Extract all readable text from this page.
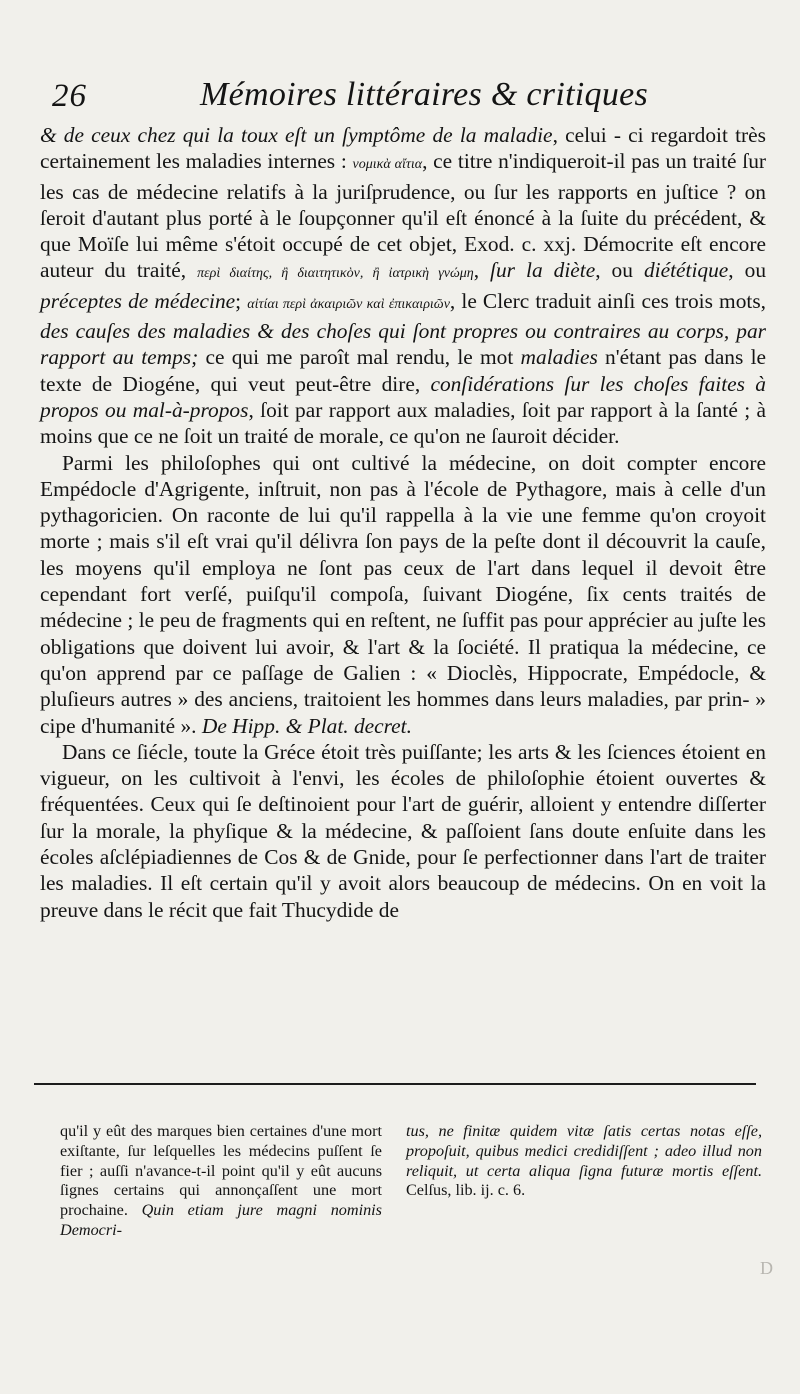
26	Mémoires littéraires & critiques

& de ceux chez qui la toux eſt un ſymptôme de la maladie, celui - ci regardoit très certainement les maladies internes : νομικὰ αἴτια, ce titre n'indiqueroit-il pas un traité ſur les cas de médecine relatifs à la juriſprudence, ou ſur les rapports en juſtice ? on ſeroit d'autant plus porté à le ſoupçonner qu'il eſt énoncé à la ſuite du précédent, & que Moïſe lui même s'étoit occupé de cet objet, Exod. c. xxj. Démocrite eſt encore auteur du traité, περὶ διαίτης, ἢ διαιτητικὸν, ἢ ἰατρικὴ γνώμη, ſur la diète, ou diététique, ou préceptes de médecine; αἰτίαι περὶ ἀκαιριῶν καὶ ἐπικαιριῶν, le Clerc traduit ainſi ces trois mots, des cauſes des maladies & des choſes qui ſont propres ou contraires au corps, par rapport au temps; ce qui me paroît mal rendu, le mot maladies n'étant pas dans le texte de Diogéne, qui veut peut-être dire, conſidérations ſur les choſes faites à propos ou mal-à-propos, ſoit par rapport aux maladies, ſoit par rapport à la ſanté ; à moins que ce ne ſoit un traité de morale, ce qu'on ne ſauroit décider.

Parmi les philoſophes qui ont cultivé la médecine, on doit compter encore Empédocle d'Agrigente, inſtruit, non pas à l'école de Pythagore, mais à celle d'un pythagoricien. On raconte de lui qu'il rappella à la vie une femme qu'on croyoit morte ; mais s'il eſt vrai qu'il délivra ſon pays de la peſte dont il découvrit la cauſe, les moyens qu'il employa ne ſont pas ceux de l'art dans lequel il devoit être cependant fort verſé, puiſqu'il compoſa, ſuivant Diogéne, ſix cents traités de médecine ; le peu de fragments qui en reſtent, ne ſuffit pas pour apprécier au juſte les obligations que doivent lui avoir, & l'art & la ſociété. Il pratiqua la médecine, ce qu'on apprend par ce paſſage de Galien : « Dioclès, Hippocrate, Empédocle, & pluſieurs autres » des anciens, traitoient les hommes dans leurs maladies, par prin- » cipe d'humanité ». De Hipp. & Plat. decret.

Dans ce ſiécle, toute la Gréce étoit très puiſſante; les arts & les ſciences étoient en vigueur, on les cultivoit à l'envi, les écoles de philoſophie étoient ouvertes & fréquentées. Ceux qui ſe deſtinoient pour l'art de guérir, alloient y entendre diſſerter ſur la morale, la phyſique & la médecine, & paſſoient ſans doute enſuite dans les écoles aſclépiadiennes de Cos & de Gnide, pour ſe perfectionner dans l'art de traiter les maladies. Il eſt certain qu'il y avoit alors beaucoup de médecins. On en voit la preuve dans le récit que fait Thucydide de

qu'il y eût des marques bien certaines d'une mort exiſtante, ſur leſquelles les médecins puſſent ſe fier ; auſſi n'avance-t-il point qu'il y eût aucuns ſignes certains qui annonçaſſent une mort prochaine. Quin etiam jure magni nominis Democri-
tus, ne finitæ quidem vitæ ſatis certas notas eſſe, propoſuit, quibus medici credidiſſent ; adeo illud non reliquit, ut certa aliqua ſigna futuræ mortis eſſent. Celſus, lib. ij. c. 6.
D
